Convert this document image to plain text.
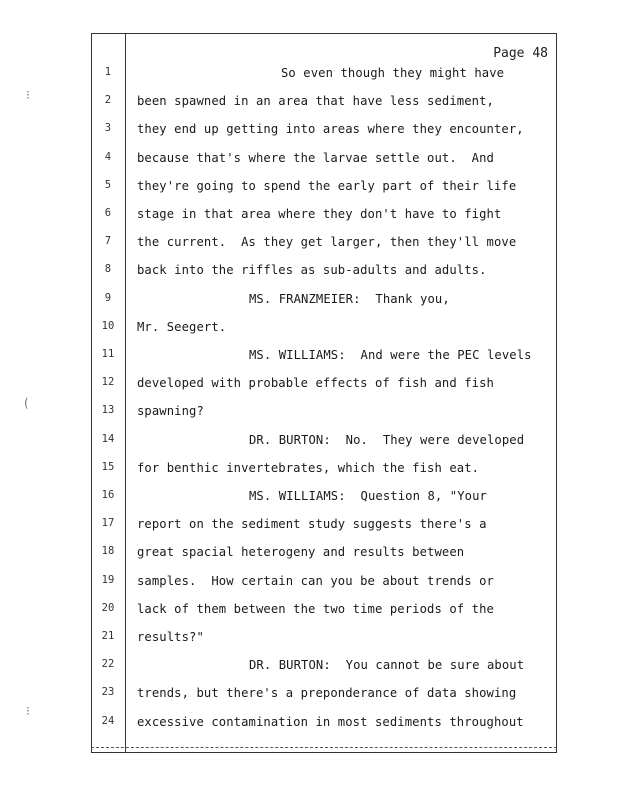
Page 48
⁝
(
⁝
1	So even though they might have
2	been spawned in an area that have less sediment,
3	they end up getting into areas where they encounter,
4	because that's where the larvae settle out.  And
5	they're going to spend the early part of their life
6	stage in that area where they don't have to fight
7	the current.  As they get larger, then they'll move
8	back into the riffles as sub-adults and adults.
9	MS. FRANZMEIER:  Thank you,
10	Mr. Seegert.
11	MS. WILLIAMS:  And were the PEC levels
12	developed with probable effects of fish and fish
13	spawning?
14	DR. BURTON:  No.  They were developed
15	for benthic invertebrates, which the fish eat.
16	MS. WILLIAMS:  Question 8, "Your
17	report on the sediment study suggests there's a
18	great spacial heterogeny and results between
19	samples.  How certain can you be about trends or
20	lack of them between the two time periods of the
21	results?"
22	DR. BURTON:  You cannot be sure about
23	trends, but there's a preponderance of data showing
24	excessive contamination in most sediments throughout
